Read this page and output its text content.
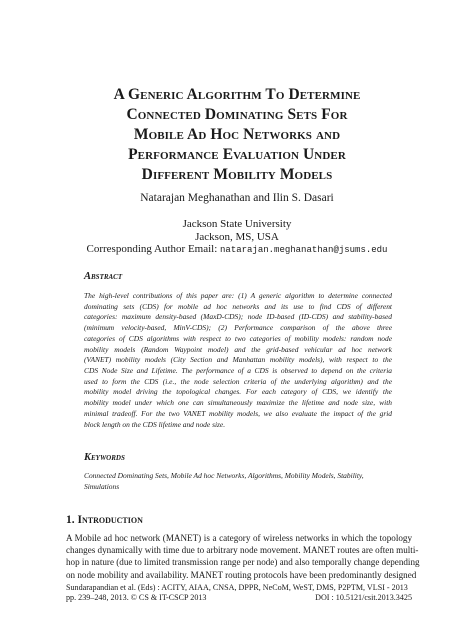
A Generic Algorithm To Determine
Connected Dominating Sets For
Mobile Ad Hoc Networks and
Performance Evaluation Under
Different Mobility Models
Natarajan Meghanathan and Ilin S. Dasari
Jackson State University
Jackson, MS, USA
Corresponding Author Email: natarajan.meghanathan@jsums.edu
Abstract
The high-level contributions of this paper are: (1) A generic algorithm to determine connected
dominating sets (CDS) for mobile ad hoc networks and its use to find CDS of different
categories: maximum density-based (MaxD-CDS); node ID-based (ID-CDS) and stability-based
(minimum velocity-based, MinV-CDS); (2) Performance comparison of the above three
categories of CDS algorithms with respect to two categories of mobility models: random node
mobility models (Random Waypoint model) and the grid-based vehicular ad hoc network
(VANET) mobility models (City Section and Manhattan mobility models), with respect to the
CDS Node Size and Lifetime. The performance of a CDS is observed to depend on the criteria
used to form the CDS (i.e., the node selection criteria of the underlying algorithm) and the
mobility model driving the topological changes. For each category of CDS, we identify the
mobility model under which one can simultaneously maximize the lifetime and node size, with
minimal tradeoff. For the two VANET mobility models, we also evaluate the impact of the grid
block length on the CDS lifetime and node size.
Keywords
Connected Dominating Sets, Mobile Ad hoc Networks, Algorithms, Mobility Models, Stability,
Simulations
1. Introduction
A Mobile ad hoc network (MANET) is a category of wireless networks in which the topology
changes dynamically with time due to arbitrary node movement. MANET routes are often multi-
hop in nature (due to limited transmission range per node) and also temporally change depending
on node mobility and availability. MANET routing protocols have been predominantly designed
Sundarapandian et al. (Eds) : ACITY, AIAA, CNSA, DPPR, NeCoM, WeST, DMS, P2PTM, VLSI - 2013
pp. 239–248, 2013. © CS & IT-CSCP 2013
	DOI : 10.5121/csit.2013.3425
